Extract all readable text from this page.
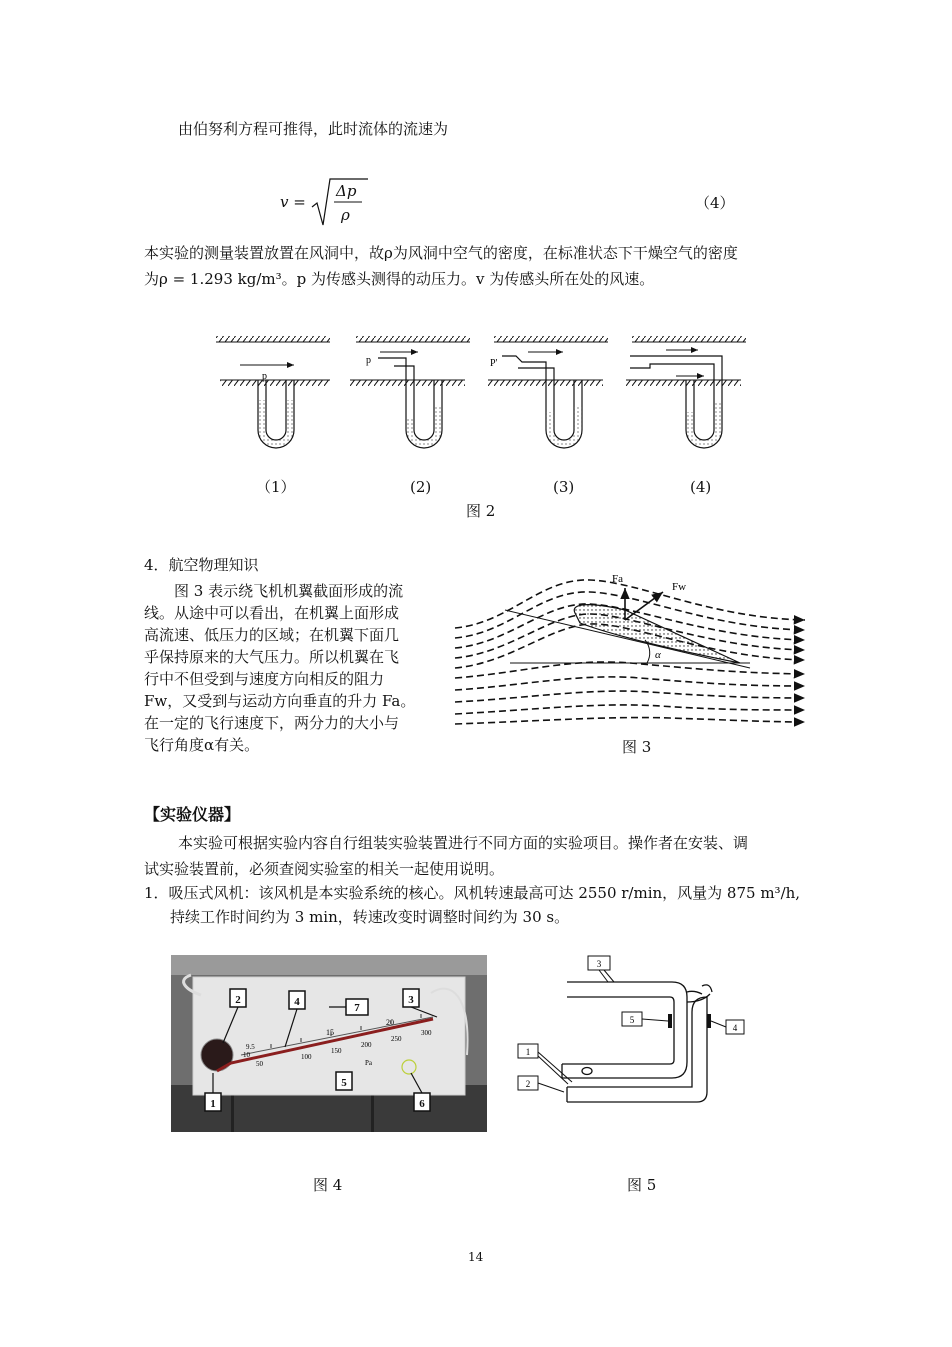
由伯努利方程可推得，此时流体的流速为
v =
Δp
ρ
（4）
本实验的测量装置放置在风洞中，故ρ为风洞中空气的密度，在标准状态下干燥空气的密度
为ρ = 1.293 kg/m³。p 为传感头测得的动压力。v 为传感头所在处的风速。
p
p	P'
（1）	(2)	(3)	(4)
图 2
4．航空物理知识
图 3 表示绕飞机机翼截面形成的流
线。从途中可以看出，在机翼上面形成
高流速、低压力的区域；在机翼下面几
乎保持原来的大气压力。所以机翼在飞
行中不但受到与速度方向相反的阻力
Fw，又受到与运动方向垂直的升力 Fa。
在一定的飞行速度下，两分力的大小与
飞行角度α有关。
Fa
Fw
α
图 3
【实验仪器】
本实验可根据实验内容自行组装实验装置进行不同方面的实验项目。操作者在安装、调
试实验装置前，必须查阅实验室的相关一起使用说明。
1．吸压式风机：该风机是本实验系统的核心。风机转速最高可达 2550 r/min，风量为 875 m³/h,
持续工作时间约为 3 min，转速改变时调整时间约为 30 s。
15
20
9.5
10
50
100
150
200
250
300
Pa
2	4	7
3
1
5
6
3
5
4
1
2
图 4	图 5
14
